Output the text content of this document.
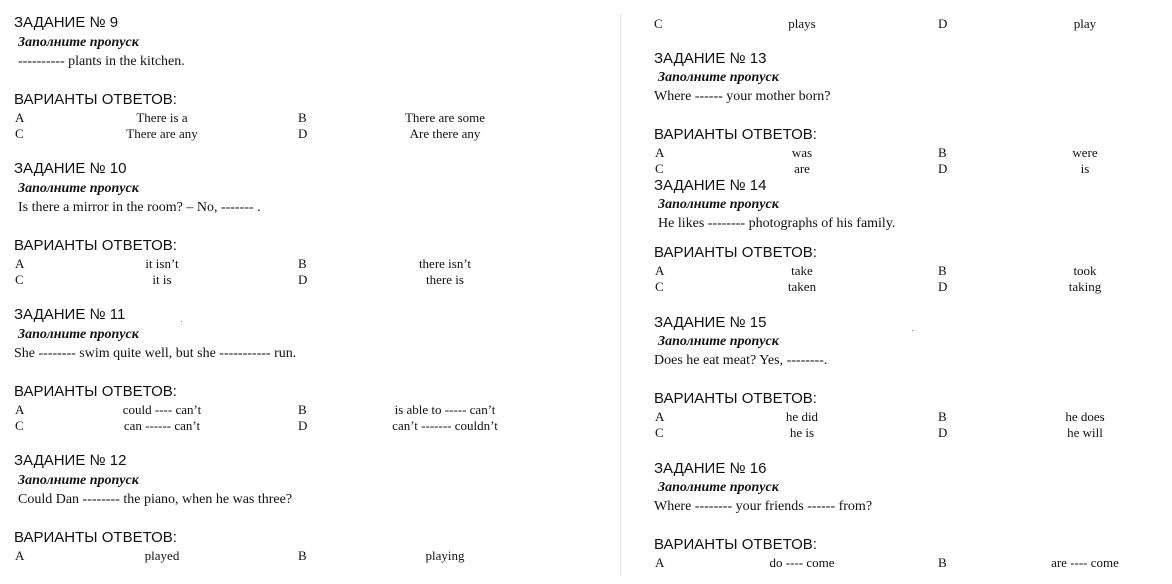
ЗАДАНИЕ № 9
Заполните пропуск
---------- plants in the kitchen.
ВАРИАНТЫ ОТВЕТОВ:
A	There is a	B	There are some
C	There are any	D	Are there any
ЗАДАНИЕ № 10
Заполните пропуск
Is there a mirror in the room? – No, ------- .
ВАРИАНТЫ ОТВЕТОВ:
A	it isn’t	B	there isn’t
C	it is	D	there is
ЗАДАНИЕ № 11
Заполните пропуск
She -------- swim quite well, but she ----------- run.
ВАРИАНТЫ ОТВЕТОВ:
A	could ---- can’t	B	is able to ----- can’t
C	can ------ can’t	D	can’t ------- couldn’t
ЗАДАНИЕ № 12
Заполните пропуск
Could Dan -------- the piano, when he was three?
ВАРИАНТЫ ОТВЕТОВ:
A	played	B	playing
C	plays	D	play
ЗАДАНИЕ № 13
Заполните пропуск
Where ------ your mother born?
ВАРИАНТЫ ОТВЕТОВ:
A	was	B	were
C	are	D	is
ЗАДАНИЕ № 14
Заполните пропуск
He likes -------- photographs of his family.
ВАРИАНТЫ ОТВЕТОВ:
A	take	B	took
C	taken	D	taking
ЗАДАНИЕ № 15
Заполните пропуск
Does he eat meat? Yes, --------.
ВАРИАНТЫ ОТВЕТОВ:
A	he did	B	he does
C	he is	D	he will
ЗАДАНИЕ № 16
Заполните пропуск
Where -------- your friends ------ from?
ВАРИАНТЫ ОТВЕТОВ:
A	do ---- come	B	are ---- come
